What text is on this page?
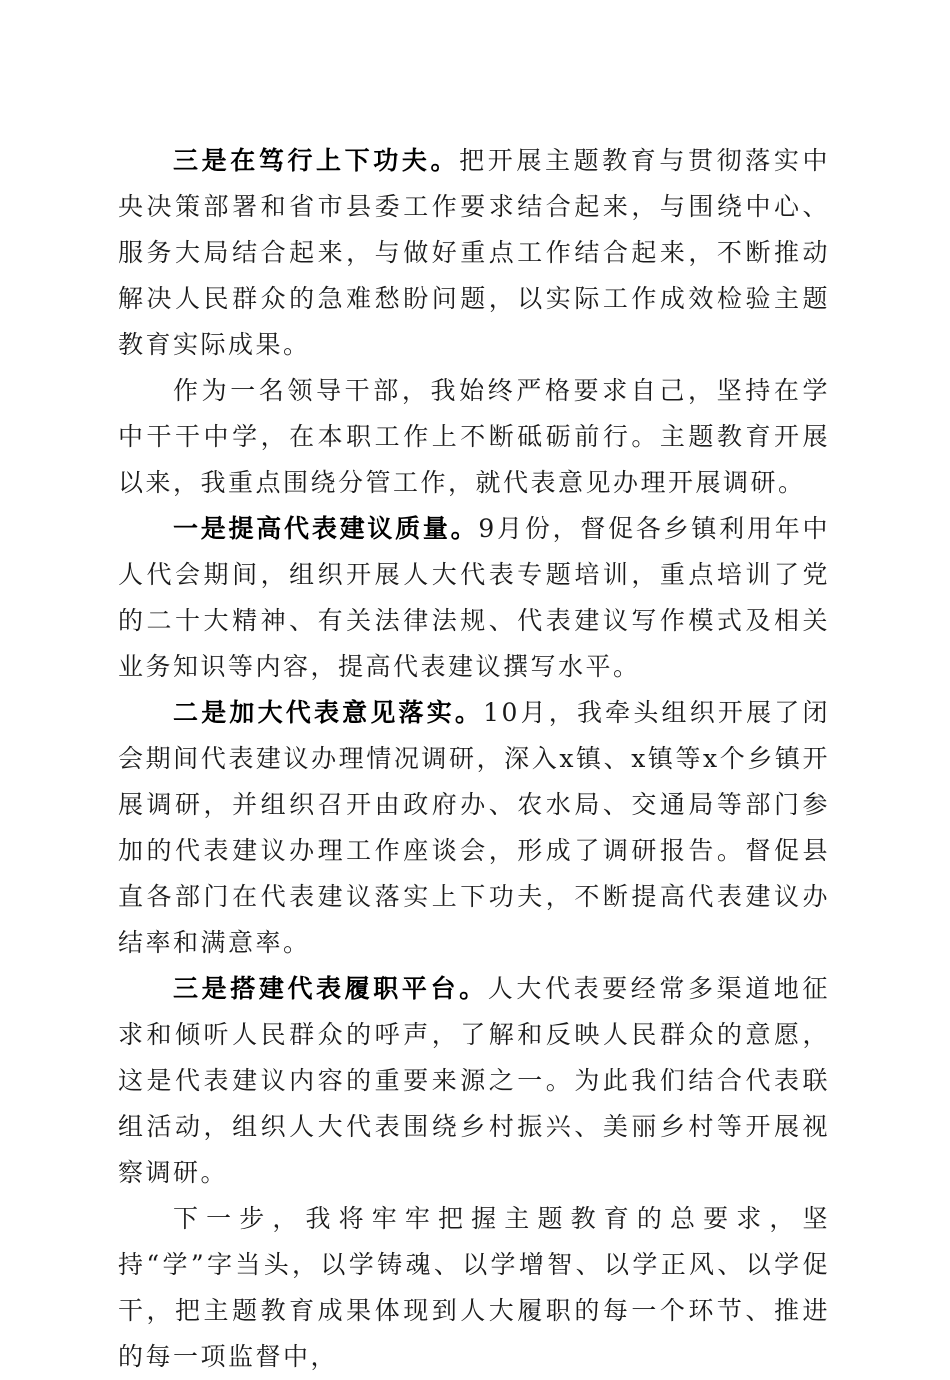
三是在笃行上下功夫。把开展主题教育与贯彻落实中央决策部署和省市县委工作要求结合起来，与围绕中心、服务大局结合起来，与做好重点工作结合起来，不断推动解决人民群众的急难愁盼问题，以实际工作成效检验主题教育实际成果。

作为一名领导干部，我始终严格要求自己，坚持在学中干干中学，在本职工作上不断砥砺前行。主题教育开展以来，我重点围绕分管工作，就代表意见办理开展调研。

一是提高代表建议质量。9月份，督促各乡镇利用年中人代会期间，组织开展人大代表专题培训，重点培训了党的二十大精神、有关法律法规、代表建议写作模式及相关业务知识等内容，提高代表建议撰写水平。

二是加大代表意见落实。10月，我牵头组织开展了闭会期间代表建议办理情况调研，深入x镇、x镇等x个乡镇开展调研，并组织召开由政府办、农水局、交通局等部门参加的代表建议办理工作座谈会，形成了调研报告。督促县直各部门在代表建议落实上下功夫，不断提高代表建议办结率和满意率。

三是搭建代表履职平台。人大代表要经常多渠道地征求和倾听人民群众的呼声，了解和反映人民群众的意愿，这是代表建议内容的重要来源之一。为此我们结合代表联组活动，组织人大代表围绕乡村振兴、美丽乡村等开展视察调研。

下一步，我将牢牢把握主题教育的总要求，坚持“学”字当头，以学铸魂、以学增智、以学正风、以学促干，把主题教育成果体现到人大履职的每一个环节、推进的每一项监督中，
